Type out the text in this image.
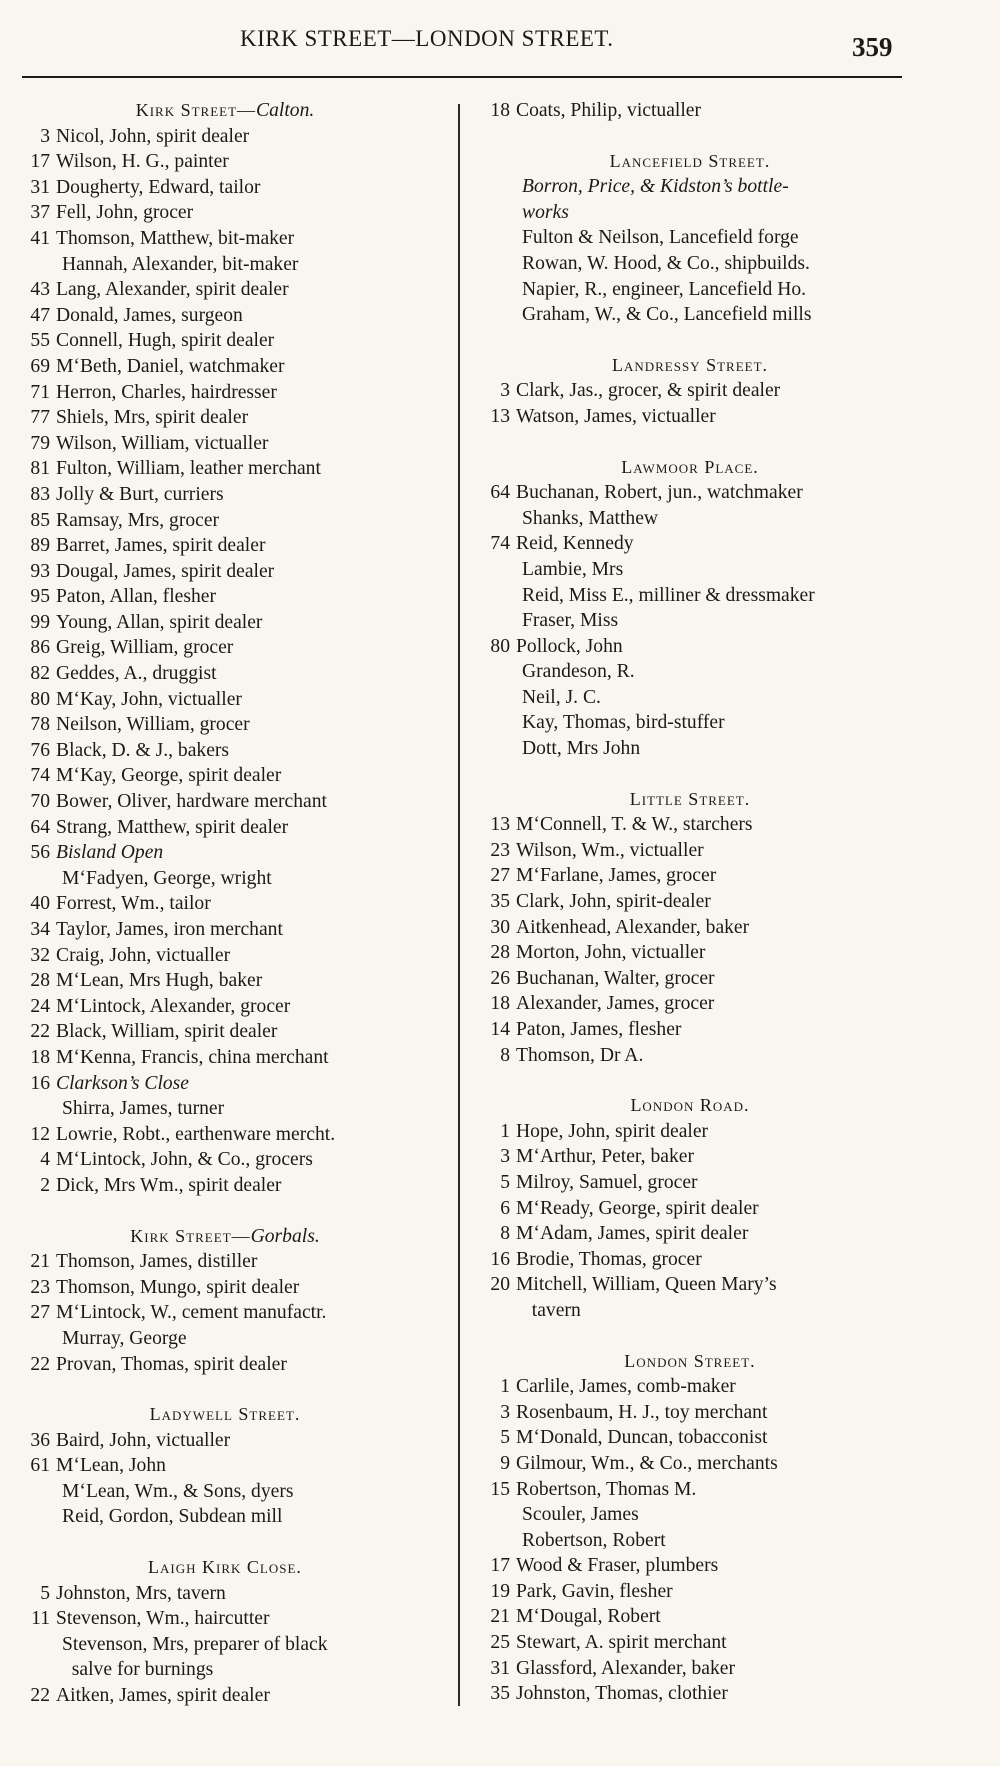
KIRK STREET—LONDON STREET.	359
Kirk Street—Calton.
3 Nicol, John, spirit dealer
17 Wilson, H. G., painter
31 Dougherty, Edward, tailor
37 Fell, John, grocer
41 Thomson, Matthew, bit-maker
Hannah, Alexander, bit-maker
43 Lang, Alexander, spirit dealer
47 Donald, James, surgeon
55 Connell, Hugh, spirit dealer
69 M‘Beth, Daniel, watchmaker
71 Herron, Charles, hairdresser
77 Shiels, Mrs, spirit dealer
79 Wilson, William, victualler
81 Fulton, William, leather merchant
83 Jolly & Burt, curriers
85 Ramsay, Mrs, grocer
89 Barret, James, spirit dealer
93 Dougal, James, spirit dealer
95 Paton, Allan, flesher
99 Young, Allan, spirit dealer
86 Greig, William, grocer
82 Geddes, A., druggist
80 M‘Kay, John, victualler
78 Neilson, William, grocer
76 Black, D. & J., bakers
74 M‘Kay, George, spirit dealer
70 Bower, Oliver, hardware merchant
64 Strang, Matthew, spirit dealer
56 Bisland Open
M‘Fadyen, George, wright
40 Forrest, Wm., tailor
34 Taylor, James, iron merchant
32 Craig, John, victualler
28 M‘Lean, Mrs Hugh, baker
24 M‘Lintock, Alexander, grocer
22 Black, William, spirit dealer
18 M‘Kenna, Francis, china merchant
16 Clarkson’s Close
Shirra, James, turner
12 Lowrie, Robt., earthenware mercht.
4 M‘Lintock, John, & Co., grocers
2 Dick, Mrs Wm., spirit dealer
Kirk Street—Gorbals.
21 Thomson, James, distiller
23 Thomson, Mungo, spirit dealer
27 M‘Lintock, W., cement manufactr.
Murray, George
22 Provan, Thomas, spirit dealer
Ladywell Street.
36 Baird, John, victualler
61 M‘Lean, John
M‘Lean, Wm., & Sons, dyers
Reid, Gordon, Subdean mill
Laigh Kirk Close.
5 Johnston, Mrs, tavern
11 Stevenson, Wm., haircutter
Stevenson, Mrs, preparer of black
salve for burnings
22 Aitken, James, spirit dealer
18 Coats, Philip, victualler
Lancefield Street.
Borron, Price, & Kidston’s bottle-
works
Fulton & Neilson, Lancefield forge
Rowan, W. Hood, & Co., shipbuilds.
Napier, R., engineer, Lancefield Ho.
Graham, W., & Co., Lancefield mills
Landressy Street.
3 Clark, Jas., grocer, & spirit dealer
13 Watson, James, victualler
Lawmoor Place.
64 Buchanan, Robert, jun., watchmaker
Shanks, Matthew
74 Reid, Kennedy
Lambie, Mrs
Reid, Miss E., milliner & dressmaker
Fraser, Miss
80 Pollock, John
Grandeson, R.
Neil, J. C.
Kay, Thomas, bird-stuffer
Dott, Mrs John
Little Street.
13 M‘Connell, T. & W., starchers
23 Wilson, Wm., victualler
27 M‘Farlane, James, grocer
35 Clark, John, spirit-dealer
30 Aitkenhead, Alexander, baker
28 Morton, John, victualler
26 Buchanan, Walter, grocer
18 Alexander, James, grocer
14 Paton, James, flesher
8 Thomson, Dr A.
London Road.
1 Hope, John, spirit dealer
3 M‘Arthur, Peter, baker
5 Milroy, Samuel, grocer
6 M‘Ready, George, spirit dealer
8 M‘Adam, James, spirit dealer
16 Brodie, Thomas, grocer
20 Mitchell, William, Queen Mary’s
tavern
London Street.
1 Carlile, James, comb-maker
3 Rosenbaum, H. J., toy merchant
5 M‘Donald, Duncan, tobacconist
9 Gilmour, Wm., & Co., merchants
15 Robertson, Thomas M.
Scouler, James
Robertson, Robert
17 Wood & Fraser, plumbers
19 Park, Gavin, flesher
21 M‘Dougal, Robert
25 Stewart, A. spirit merchant
31 Glassford, Alexander, baker
35 Johnston, Thomas, clothier
